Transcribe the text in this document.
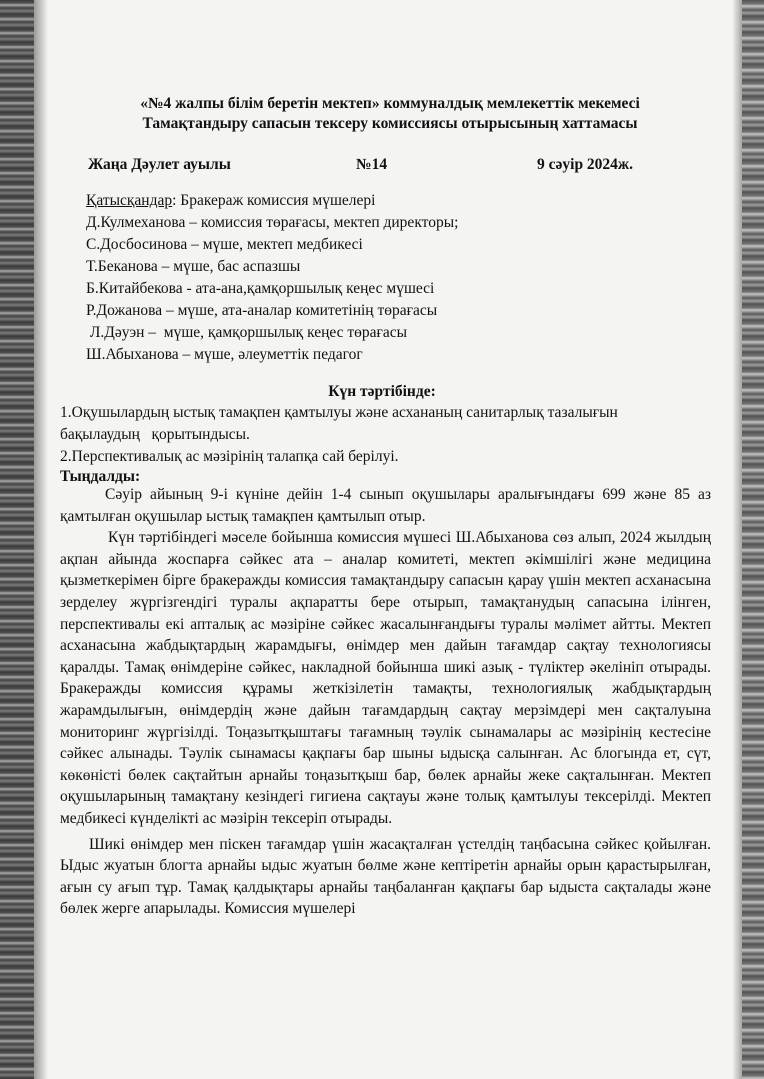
«№4 жалпы білім беретін мектеп» коммуналдық мемлекеттік мекемесі
Тамақтандыру сапасын тексеру комиссиясы отырысының хаттамасы
Жаңа Дәулет ауылы	№14	9 сәуір 2024ж.
Қатысқандар: Бракераж комиссия мүшелері
Д.Кулмеханова – комиссия төрағасы, мектеп директоры;
С.Досбосинова – мүше, мектеп медбикесі
Т.Беканова – мүше, бас аспазшы
Б.Китайбекова - ата-ана,қамқоршылық кеңес мүшесі
Р.Дожанова – мүше, ата-аналар комитетінің төрағасы
Л.Дәуэн –  мүше, қамқоршылық кеңес төрағасы
Ш.Абыханова – мүше, әлеуметтік педагог
Күн тәртібінде:
1.Оқушылардың ыстық тамақпен қамтылуы және асхананың санитарлық тазалығын
бақылаудың   қорытындысы.
2.Перспективалық ас мәзірінің талапқа сай берілуі.
Тыңдалды:

Сәуір айының 9-і күніне дейін 1-4 сынып оқушылары аралығындағы 699 және 85 аз қамтылған оқушылар ыстық тамақпен қамтылып отыр.

Күн тәртібіндегі мәселе бойынша комиссия мүшесі Ш.Абыханова сөз алып, 2024 жылдың ақпан айында жоспарға сәйкес ата – аналар комитеті, мектеп әкімшілігі және медицина қызметкерімен бірге бракеражды комиссия тамақтандыру сапасын қарау үшін мектеп асханасына зерделеу жүргізгендігі туралы ақпаратты бере отырып, тамақтанудың сапасына ілінген, перспективалы екі апталық ас мәзіріне сәйкес жасалынғандығы туралы мәлімет айтты. Мектеп асханасына жабдықтардың жарамдығы, өнімдер мен дайын тағамдар сақтау технологиясы қаралды. Тамақ өнімдеріне сәйкес, накладной бойынша шикі азық - түліктер әкелініп отырады. Бракеражды комиссия құрамы жеткізілетін тамақты, технологиялық жабдықтардың жарамдылығын, өнімдердің және дайын тағамдардың сақтау мерзімдері мен сақталуына мониторинг жүргізілді. Тоңазытқыштағы тағамның тәулік сынамалары ас мәзірінің кестесіне сәйкес алынады. Тәулік сынамасы қақпағы бар шыны ыдысқа салынған. Ас блогында ет, сүт, көкөністі бөлек сақтайтын арнайы тоңазытқыш бар, бөлек арнайы жеке сақталынған. Мектеп оқушыларының тамақтану кезіндегі гигиена сақтауы және толық қамтылуы тексерілді. Мектеп медбикесі күнделікті ас мәзірін тексеріп отырады.

Шикі өнімдер мен піскен тағамдар үшін жасақталған үстелдің таңбасына сәйкес қойылған. Ыдыс жуатын блогта арнайы ыдыс жуатын бөлме және кептіретін арнайы орын қарастырылған, ағын су ағып тұр. Тамақ қалдықтары арнайы таңбаланған қақпағы бар ыдыста сақталады және бөлек жерге апарылады. Комиссия мүшелері
